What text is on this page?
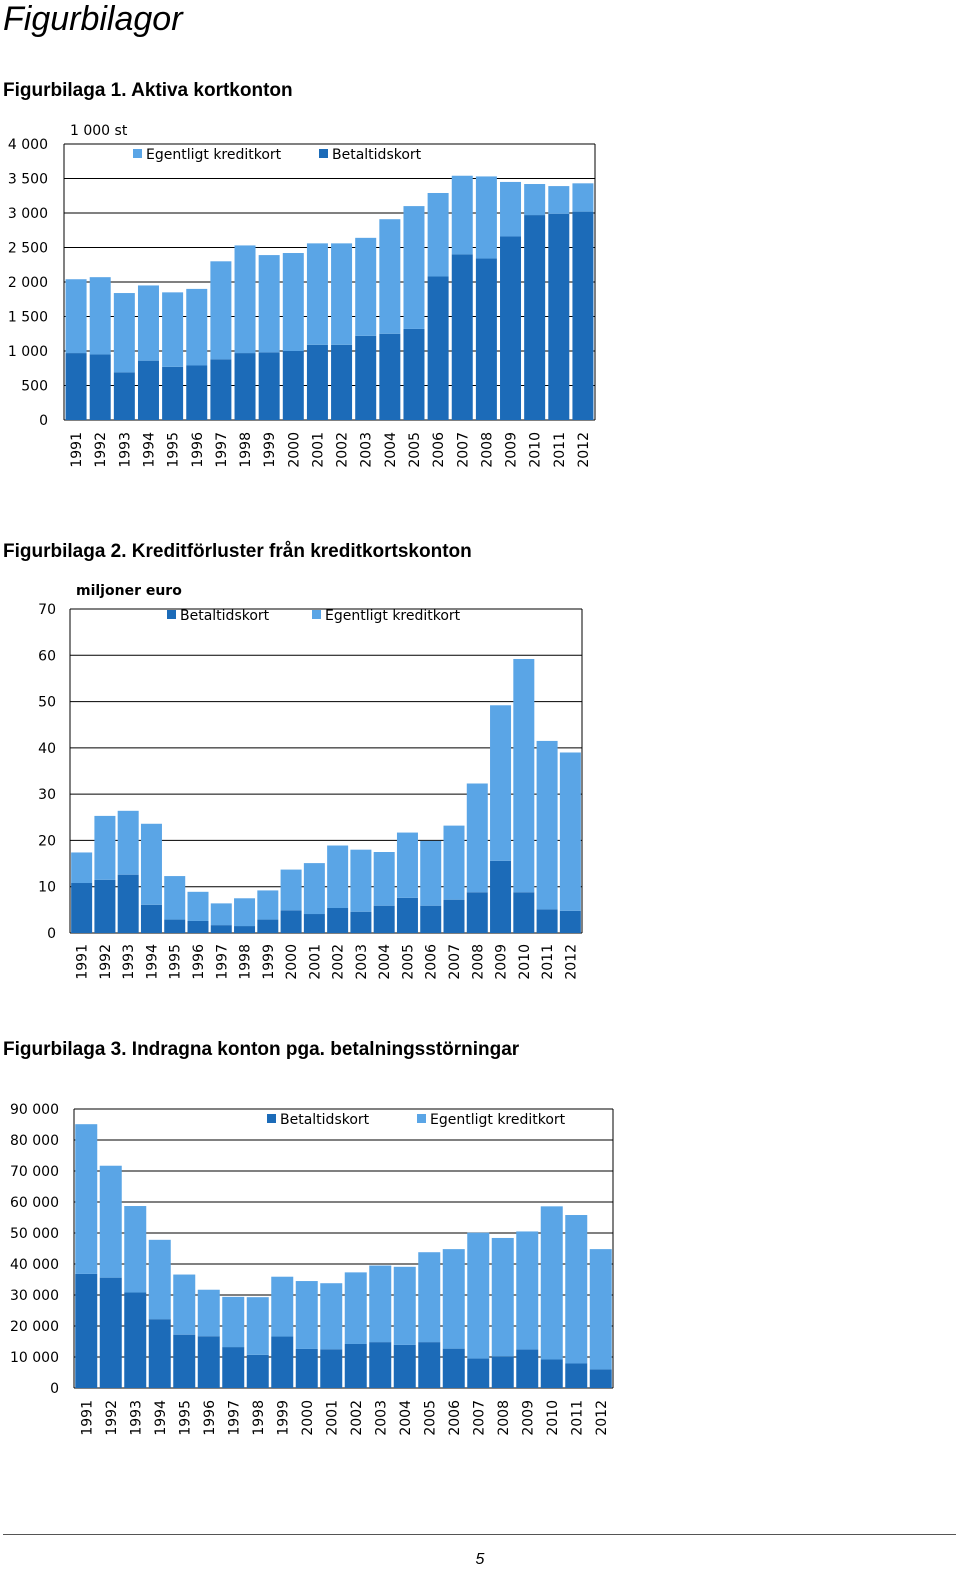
Figurbilagor
Figurbilaga 1. Aktiva kortkonton
0
500
1 000
1 500
2 000
2 500
3 000
3 500
4 000
1991 1992 1993 1994 1995 1996 1997 1998 1999 2000 2001 2002 2003 2004 2005 2006 2007 2008 2009 2010 2011 2012
1 000 st
Egentligt kreditkort	Betaltidskort
Figurbilaga 2. Kreditförluster från kreditkortskonton
0
10
20
30
40
50
60
70
1991 1992 1993 1994 1995 1996 1997 1998 1999 2000 2001 2002 2003 2004 2005 2006 2007 2008 2009 2010 2011 2012
miljoner euro
Betaltidskort	Egentligt kreditkort
Figurbilaga 3. Indragna konton pga. betalningsstörningar
0
10 000
20 000
30 000
40 000
50 000
60 000
70 000
80 000
90 000
1991 1992 1993 1994 1995 1996 1997 1998 1999 2000 2001 2002 2003 2004 2005 2006 2007 2008 2009 2010 2011 2012
Betaltidskort	Egentligt kreditkort
5
